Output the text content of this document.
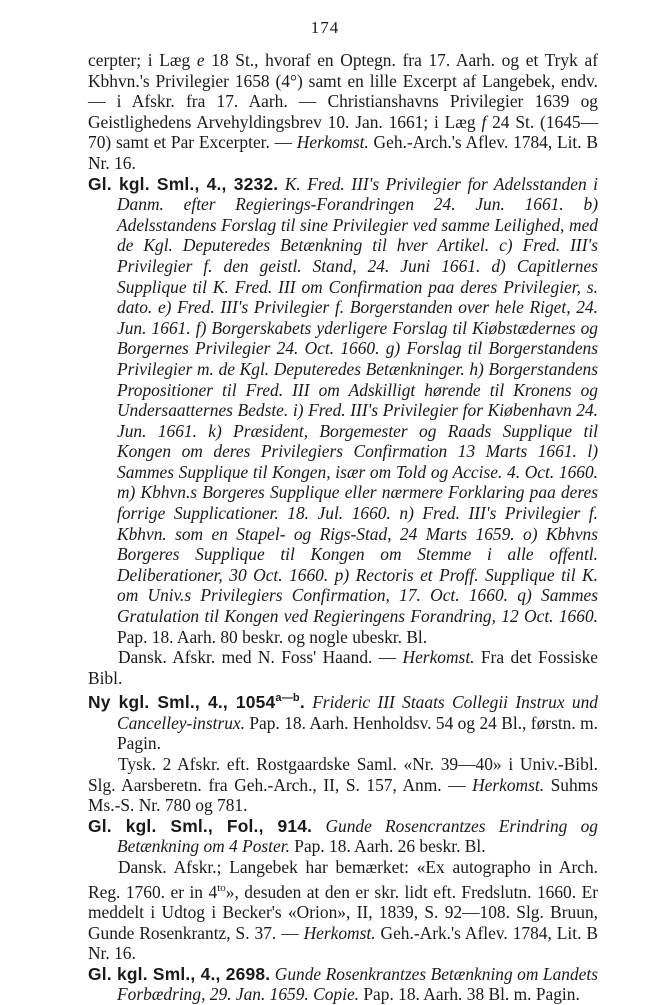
174

cerpter; i Læg e 18 St., hvoraf en Optegn. fra 17. Aarh. og et Tryk af Kbhvn.'s Privilegier 1658 (4°) samt en lille Excerpt af Langebek, endv. — i Afskr. fra 17. Aarh. — Christianshavns Privilegier 1639 og Geistlighedens Arvehyldingsbrev 10. Jan. 1661; i Læg f 24 St. (1645—70) samt et Par Excerpter. — Herkomst. Geh.-Arch.'s Aflev. 1784, Lit. B Nr. 16.

Gl. kgl. Sml., 4., 3232. K. Fred. III's Privilegier for Adelsstanden i Danm. efter Regierings-Forandringen 24. Jun. 1661. b) Adelsstandens Forslag til sine Privilegier ved samme Leilighed, med de Kgl. Deputeredes Betænkning til hver Artikel. c) Fred. III's Privilegier f. den geistl. Stand, 24. Juni 1661. d) Capitlernes Supplique til K. Fred. III om Confirmation paa deres Privilegier, s. dato. e) Fred. III's Privilegier f. Borgerstanden over hele Riget, 24. Jun. 1661. f) Borgerskabets yderligere Forslag til Kiøbstædernes og Borgernes Privilegier 24. Oct. 1660. g) Forslag til Borgerstandens Privilegier m. de Kgl. Deputeredes Betænkninger. h) Borgerstandens Propositioner til Fred. III om Adskilligt hørende til Kronens og Undersaatternes Bedste. i) Fred. III's Privilegier for Kiøbenhavn 24. Jun. 1661. k) Præsident, Borgemester og Raads Supplique til Kongen om deres Privilegiers Confirmation 13 Marts 1661. l) Sammes Supplique til Kongen, især om Told og Accise. 4. Oct. 1660. m) Kbhvn.s Borgeres Supplique eller nærmere Forklaring paa deres forrige Supplicationer. 18. Jul. 1660. n) Fred. III's Privilegier f. Kbhvn. som en Stapel- og Rigs-Stad, 24 Marts 1659. o) Kbhvns Borgeres Supplique til Kongen om Stemme i alle offentl. Deliberationer, 30 Oct. 1660. p) Rectoris et Proff. Supplique til K. om Univ.s Privilegiers Confirmation, 17. Oct. 1660. q) Sammes Gratulation til Kongen ved Regieringens Forandring, 12 Oct. 1660. Pap. 18. Aarh. 80 beskr. og nogle ubeskr. Bl.

Dansk. Afskr. med N. Foss' Haand. — Herkomst. Fra det Fossiske Bibl.

Ny kgl. Sml., 4., $1054^{a—b}$. Frideric III Staats Collegii Instrux und Cancelley-instrux. Pap. 18. Aarh. Henholdsv. 54 og 24 Bl., førstn. m. Pagin.

Tysk. 2 Afskr. eft. Rostgaardske Saml. «Nr. 39—40» i Univ.-Bibl. Slg. Aarsberetn. fra Geh.-Arch., II, S. 157, Anm. — Herkomst. Suhms Ms.-S. Nr. 780 og 781.

Gl. kgl. Sml., Fol., 914. Gunde Rosencrantzes Erindring og Betænkning om 4 Poster. Pap. 18. Aarh. 26 beskr. Bl.

Dansk. Afskr.; Langebek har bemærket: «Ex autographo in Arch. Reg. 1760. er in $4^{to}$», desuden at den er skr. lidt eft. Fredslutn. 1660. Er meddelt i Udtog i Becker's «Orion», II, 1839, S. 92—108. Slg. Bruun, Gunde Rosenkrantz, S. 37. — Herkomst. Geh.-Ark.'s Aflev. 1784, Lit. B Nr. 16.

Gl. kgl. Sml., 4., 2698. Gunde Rosenkrantzes Betænkning om Landets Forbædring, 29. Jan. 1659. Copie. Pap. 18. Aarh. 38 Bl. m. Pagin.
